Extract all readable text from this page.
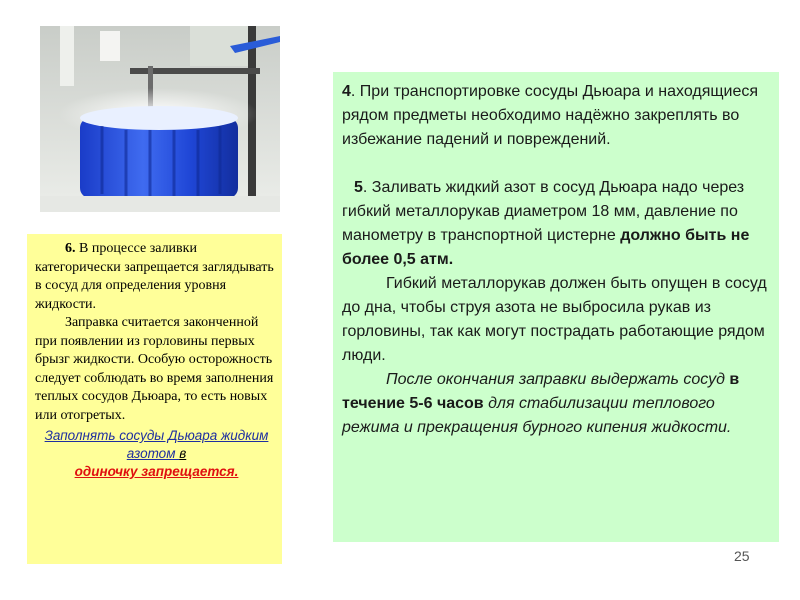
6. В процессе заливки категорически запрещается заглядывать в сосуд для определения уровня жидкости.

Заправка считается законченной при появлении из горловины первых брызг жидкости. Особую осторожность следует соблюдать во время заполнения теплых сосудов Дьюара, то есть новых или отогретых.

Заполнять сосуды Дьюара жидким азотом в
одиночку запрещается.

4. При транспортировке сосуды Дьюара и находящиеся рядом предметы необходимо надёжно закреплять во избежание падений и повреждений.

5. Заливать жидкий азот в сосуд Дьюара надо через гибкий металлорукав диаметром 18 мм, давление по манометру в транспортной цистерне должно быть не более 0,5 атм.

Гибкий металлорукав должен быть опущен в сосуд до дна, чтобы струя азота не выбросила рукав из горловины, так как могут пострадать работающие рядом люди.

После окончания заправки выдержать сосуд в течение 5-6 часов для стабилизации теплового режима и прекращения бурного кипения жидкости.

25
